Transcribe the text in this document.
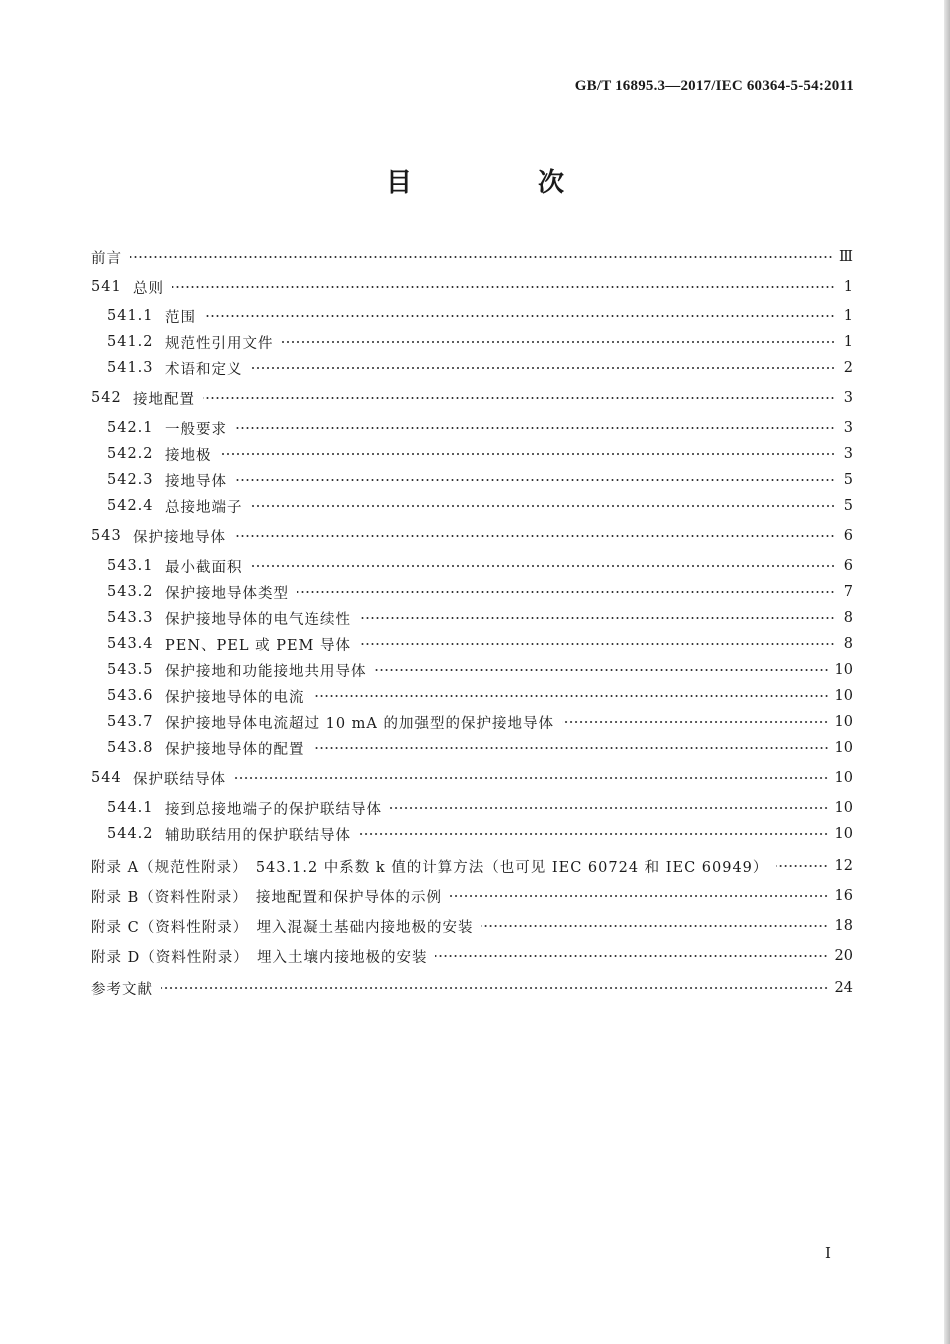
GB/T 16895.3—2017/IEC 60364-5-54:2011
目　次
前言	Ⅲ
541 总则	1
541.1 范围	1
541.2 规范性引用文件	1
541.3 术语和定义	2
542 接地配置	3
542.1 一般要求	3
542.2 接地极	3
542.3 接地导体	5
542.4 总接地端子	5
543 保护接地导体	6
543.1 最小截面积	6
543.2 保护接地导体类型	7
543.3 保护接地导体的电气连续性	8
543.4 PEN、PEL 或 PEM 导体	8
543.5 保护接地和功能接地共用导体	10
543.6 保护接地导体的电流	10
543.7 保护接地导体电流超过 10 mA 的加强型的保护接地导体	10
543.8 保护接地导体的配置	10
544 保护联结导体	10
544.1 接到总接地端子的保护联结导体	10
544.2 辅助联结用的保护联结导体	10
附录 A（规范性附录）　543.1.2 中系数 k 值的计算方法（也可见 IEC 60724 和 IEC 60949）	12
附录 B（资料性附录）　接地配置和保护导体的示例	16
附录 C（资料性附录）　埋入混凝土基础内接地极的安装	18
附录 D（资料性附录）　埋入土壤内接地极的安装	20
参考文献	24
I
